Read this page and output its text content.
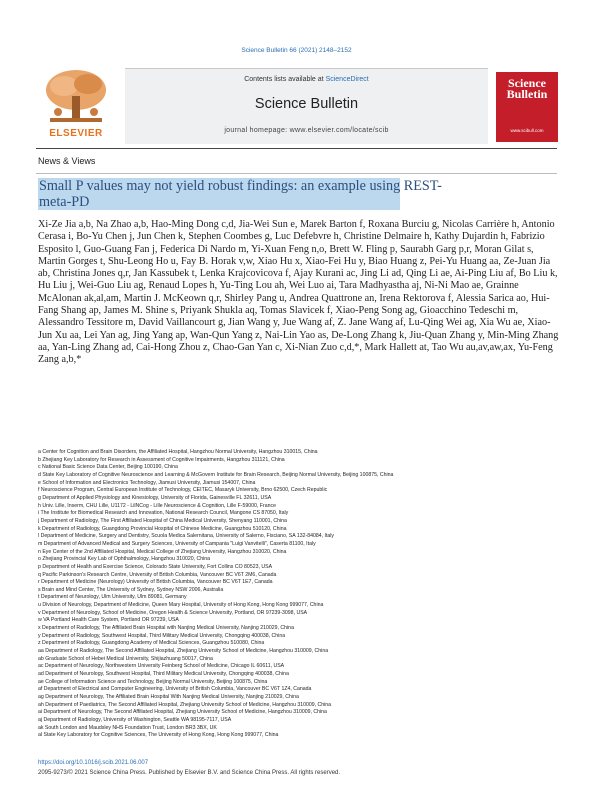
Science Bulletin 66 (2021) 2148–2152
ELSEVIER
Contents lists available at ScienceDirect
Science Bulletin
journal homepage: www.elsevier.com/locate/scib
Science Bulletin
www.scibull.com
News & Views
Small P values may not yield robust findings: an example using REST-meta-PD
Xi-Ze Jia a,b, Na Zhao a,b, Hao-Ming Dong c,d, Jia-Wei Sun e, Marek Barton f, Roxana Burciu g, Nicolas Carrière h, Antonio Cerasa i, Bo-Yu Chen j, Jun Chen k, Stephen Coombes g, Luc Defebvre h, Christine Delmaire h, Kathy Dujardin h, Fabrizio Esposito l, Guo-Guang Fan j, Federica Di Nardo m, Yi-Xuan Feng n,o, Brett W. Fling p, Saurabh Garg p,r, Moran Gilat s, Martin Gorges t, Shu-Leong Ho u, Fay B. Horak v,w, Xiao Hu x, Xiao-Fei Hu y, Biao Huang z, Pei-Yu Huang aa, Ze-Juan Jia ab, Christina Jones q,r, Jan Kassubek t, Lenka Krajcovicova f, Ajay Kurani ac, Jing Li ad, Qing Li ae, Ai-Ping Liu af, Bo Liu k, Hu Liu j, Wei-Guo Liu ag, Renaud Lopes h, Yu-Ting Lou ah, Wei Luo ai, Tara Madhyastha aj, Ni-Ni Mao ae, Grainne McAlonan ak,al,am, Martin J. McKeown q,r, Shirley Pang u, Andrea Quattrone an, Irena Rektorova f, Alessia Sarica ao, Hui-Fang Shang ap, James M. Shine s, Priyank Shukla aq, Tomas Slavicek f, Xiao-Peng Song ag, Gioacchino Tedeschi m, Alessandro Tessitore m, David Vaillancourt g, Jian Wang y, Jue Wang af, Z. Jane Wang af, Lu-Qing Wei ag, Xia Wu ae, Xiao-Jun Xu aa, Lei Yan ag, Jing Yang ap, Wan-Qun Yang z, Nai-Lin Yao as, De-Long Zhang k, Jiu-Quan Zhang y, Min-Ming Zhang aa, Yan-Ling Zhang ad, Cai-Hong Zhou z, Chao-Gan Yan c, Xi-Nian Zuo c,d,*, Mark Hallett at, Tao Wu au,av,aw,ax, Yu-Feng Zang a,b,*
a Center for Cognition and Brain Disorders, the Affiliated Hospital, Hangzhou Normal University, Hangzhou 310015, China
b Zhejiang Key Laboratory for Research in Assessment of Cognitive Impairments, Hangzhou 311121, China
c National Basic Science Data Center, Beijing 100190, China
d State Key Laboratory of Cognitive Neuroscience and Learning & McGovern Institute for Brain Research, Beijing Normal University, Beijing 100875, China
e School of Information and Electronics Technology, Jiamusi University, Jiamusi 154007, China
f Neuroscience Program, Central European Institute of Technology, CEITEC, Masaryk University, Brno 62500, Czech Republic
g Department of Applied Physiology and Kinesiology, University of Florida, Gainesville FL 32611, USA
h Univ. Lille, Inserm, CHU Lille, U1172 - LilNCog - Lille Neuroscience & Cognition, Lille F-59000, France
i The Institute for Biomedical Research and Innovation, National Research Council, Mangone CS 87050, Italy
j Department of Radiology, The First Affiliated Hospital of China Medical University, Shenyang 110001, China
k Department of Radiology, Guangdong Provincial Hospital of Chinese Medicine, Guangzhou 510120, China
l Department of Medicine, Surgery and Dentistry, Scuola Medica Salernitana, University of Salerno, Fisciano, SA 132-84084, Italy
m Department of Advanced Medical and Surgery Sciences, University of Campania "Luigi Vanvitelli", Caserta 81100, Italy
n Eye Center of the 2nd Affiliated Hospital, Medical College of Zhejiang University, Hangzhou 310020, China
o Zhejiang Provincial Key Lab of Ophthalmology, Hangzhou 310020, China
p Department of Health and Exercise Science, Colorado State University, Fort Collins CO 80523, USA
q Pacific Parkinson's Research Centre, University of British Columbia, Vancouver BC V6T 2M6, Canada
r Department of Medicine (Neurology) University of British Columbia, Vancouver BC V6T 1E7, Canada
s Brain and Mind Center, The University of Sydney, Sydney NSW 2006, Australia
t Department of Neurology, Ulm University, Ulm 89081, Germany
u Division of Neurology, Department of Medicine, Queen Mary Hospital, University of Hong Kong, Hong Kong 999077, China
v Department of Neurology, School of Medicine, Oregon Health & Science University, Portland, OR 97239-3098, USA
w VA Portland Health Care System, Portland OR 97239, USA
x Department of Radiology, The Affiliated Brain Hospital with Nanjing Medical University, Nanjing 210029, China
y Department of Radiology, Southwest Hospital, Third Military Medical University, Chongqing 400038, China
z Department of Radiology, Guangdong Academy of Medical Sciences, Guangzhou 510080, China
aa Department of Radiology, The Second Affiliated Hospital, Zhejiang University School of Medicine, Hangzhou 310009, China
ab Graduate School of Hebei Medical University, Shijiazhuang 50017, China
ac Department of Neurology, Northwestern University Feinberg School of Medicine, Chicago IL 60611, USA
ad Department of Neurology, Southwest Hospital, Third Military Medical University, Chongqing 400038, China
ae College of Information Science and Technology, Beijing Normal University, Beijing 100875, China
af Department of Electrical and Computer Engineering, University of British Columbia, Vancouver BC V6T 1Z4, Canada
ag Department of Neurology, The Affiliated Brain Hospital With Nanjing Medical University, Nanjing 210029, China
ah Department of Paediatrics, The Second Affiliated Hospital, Zhejiang University School of Medicine, Hangzhou 310009, China
ai Department of Neurology, The Second Affiliated Hospital, Zhejiang University School of Medicine, Hangzhou 310009, China
aj Department of Radiology, University of Washington, Seattle WA 98195-7117, USA
ak South London and Maudsley NHS Foundation Trust, London BR3 3BX, UK
al State Key Laboratory for Cognitive Sciences, The University of Hong Kong, Hong Kong 999077, China
https://doi.org/10.1016/j.scib.2021.06.007
2095-9273/© 2021 Science China Press. Published by Elsevier B.V. and Science China Press. All rights reserved.
